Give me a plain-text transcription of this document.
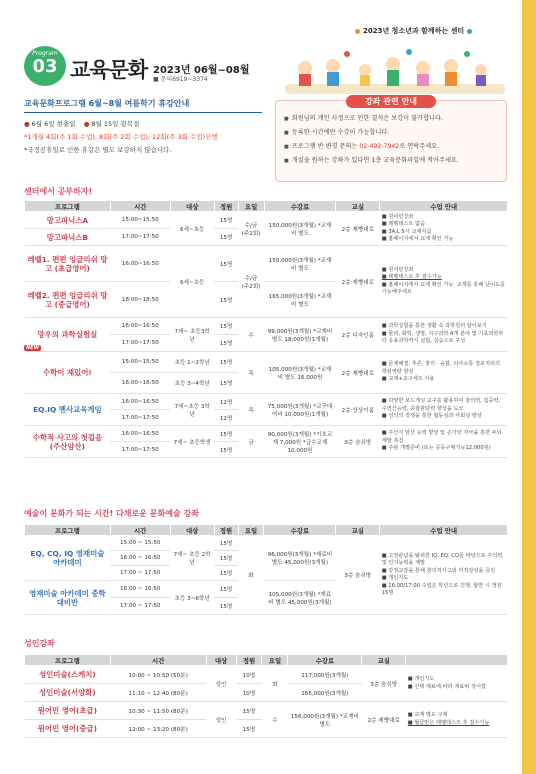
2023년 청소년과 함께하는 센터
Program
03 교육문화 2023년 06월~08월
■ 문의6919~3374
교육문화프로그램 6월~8월 여름학기 휴강안내
● 6월 6일 현충일 ● 8월 15일 광복절
*1개월 4회(주 1회 수업), 8회(주 2회 수업), 12회(주 3회 수업)진행
*국정공휴일로 인한 휴강은 별도 보강하지 않습니다.
강좌 관련 안내
■ 회원님의 개인 사정으로 인한 결석은 보강이 불가합니다.
■ 등록한 시간에만 수강이 가능합니다.
■ 프로그램 반 변경 문의는 02-492-7942로 연락주세요.
■ 개설을 원하는 강좌가 있다면 1층 교육문화파일에 적어주세요.
센터에서 공부하자!
NEW
프로그램	시간	대상	정원	요일	수강료	교실	수업 안내
망고파닉스A	15:00~15:50	6세~초등	15명	수/금 (주2회)	150,000원(3개월) *교재비 별도	2층 제빵대로	■ 원어민강좌
■ 레벨테스트 없음
■ 3A,L 5시 교재지급
■ 홈페이지에서 교재 확인 가능
망고파닉스B	17:00~17:50		15명				
레벨1. 편편 잉글리쉬 망고 (초급영어)	16:00~16:50	6세~초등	15명	수/금 (주2회)	150,000원(3개월) *교재비 별도	2층 제빵대로	■ 원어민강좌
■ 레벨테스트 후 접수가능
■ 홈페이지에서 교재 확인 가능. 교재를 통해 난이도를 가능해주세요

레벨2. 편편 잉글리쉬 망고 (중급영어)	18:00~18:50		15명		165,000원(3개월) *교재비 별도		
망우의 과학실험실	16:00~16:50	7세~ 초등3학년	15명	수	99,000원(3개월) *교재비 별도 18,000원(1개월)	2층 디자인룸	■ 과학실험을 통한 생활 속 과학원리 알아보기
■ 물리, 화학, 생명, 지구과학 4개 분야 및 기초과학부터 응용과학까지 실험, 실습으로 구성
	17:00~17:50		15명				
수학이 재밌어!	15:00~15:50	초등 1~2학년	15명	목	105,000원(3개월) *교재비 별도 16,000원	2층 제빵대로	■ 문제해결, 추론, 창의 · 융합, 의사소통 정보처리의 핵심역량 향상
■ 교재+교구세트 사용
	16:00~16:50	초등 3~4학년	15명				
EQ.IQ 멘사교육게임	16:00~16:50	7세~초등 3학년	12명	목	75,000원(3개월) *교구대여비 10,000원(1개월)	2층 상상이룸	■ 다양한 보드게임 교구를 활용하여 창의력, 집중력, 수연산능력, 종합판단력 향상을 도모
■ 선의의 경쟁을 통한 협동심과 사회성 향상
	17:00~17:50		12명				
수학적 사고의 첫걸음 (주산암산)	16:00~16:50	7세~ 초등학생	15명	금	90,000원(3개월) *기초교재 7,000원 *급수교재 10,000원	3층 숨쉬방	■ 주산식 암산 능력 향상 및 손가락 자극을 통한 두뇌 계발 촉진
■ 주판 개별준비 (또는 공동구매가능12,000원)
	17:00~17:50		15명				
예술이 문화가 되는 시간! 다채로운 문화예술 강좌
프로그램	시간	대상	정원	요일	수강료	교실	수업 안내
EQ, CQ, IQ 영재미술 아카데미	15:00 ~ 15:50	7세~ 초등 2학년	15명	화	96,000원(3개월) *재료비 별도 45,000원(3개월)	3층 숨쉬방	■ 고정관념을 탈피한 IQ, EQ, CQ를 바탕으로 주의력 및 인지능력을 계발
■ 감정교감을 통해 창의적사고와 미적감성을 증진
■ 개인지도
■ 16:00/17:00 수업은 학년으로 진행, 합반 시 정원 15명
	16:00 ~ 16:50		15명				
	17:00 ~ 17:50		15명				
영재미술 아카데미 중학대비반	16:00 ~ 16:50	초등 3~6학년	15명		105,000원(3개월) *재료비 별도 45,000원(3개월)		
	17:00 ~ 17:50		15명				
성인강좌
프로그램	시간	대상	정원	요일	수강료	교실	
성인미술(스케치)	10:00 ~ 10:50 (50분)	성인	10명	화	117,000원(3개월)	3층 숨쉬방	■ 개인지도
■ 선택 재료에 따라 재료비 상이함
성인미술(서양화)	11:10 ~ 12:40 (80분)		10명		165,000원(3개월)		
원어민 영어(초급)	10:30 ~ 11:50 (80분)	성인	15명	수	156,000원(3개월) *교재비 별도	2층 제빵대로	■ 교재 별도 구매
■ 월급반은 레벨테스트 후 접수가능

원어민 영어(중급)	12:00 ~ 13:20 (80분)		15명				
